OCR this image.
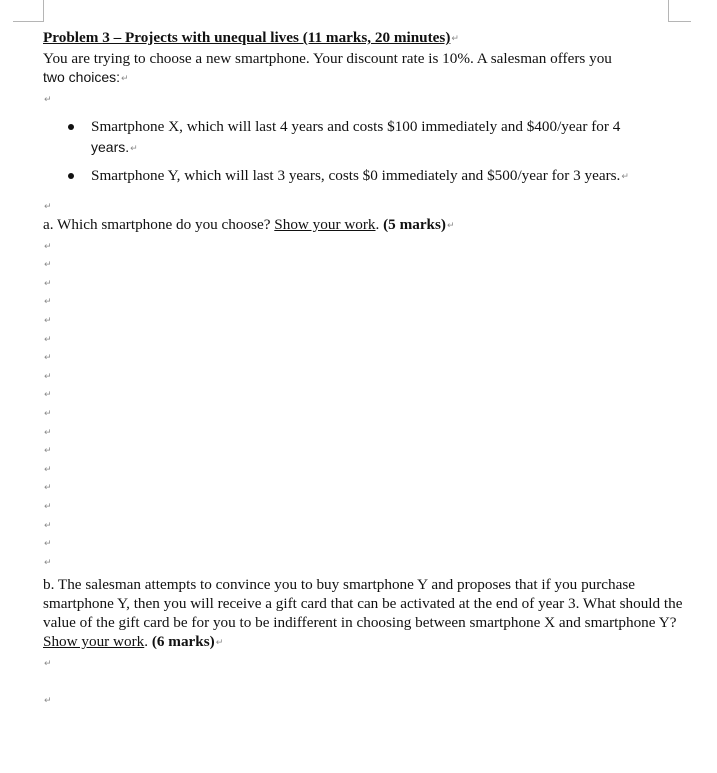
Problem 3 – Projects with unequal lives (11 marks, 20 minutes)↵

You are trying to choose a new smartphone. Your discount rate is 10%. A salesman offers you

two choices:↵

↵

Smartphone X, which will last 4 years and costs $100 immediately and $400/year for 4
years.↵
Smartphone Y, which will last 3 years, costs $0 immediately and $500/year for 3 years.↵

↵

a. Which smartphone do you choose? Show your work. (5 marks)↵

↵

↵

↵

↵

↵

↵

↵

↵

↵

↵

↵

↵

↵

↵

↵

↵

↵

↵

b. The salesman attempts to convince you to buy smartphone Y and proposes that if you purchase smartphone Y, then you will receive a gift card that can be activated at the end of year 3. What should the value of the gift card be for you to be indifferent in choosing between smartphone X and smartphone Y? Show your work. (6 marks)↵

↵

↵
